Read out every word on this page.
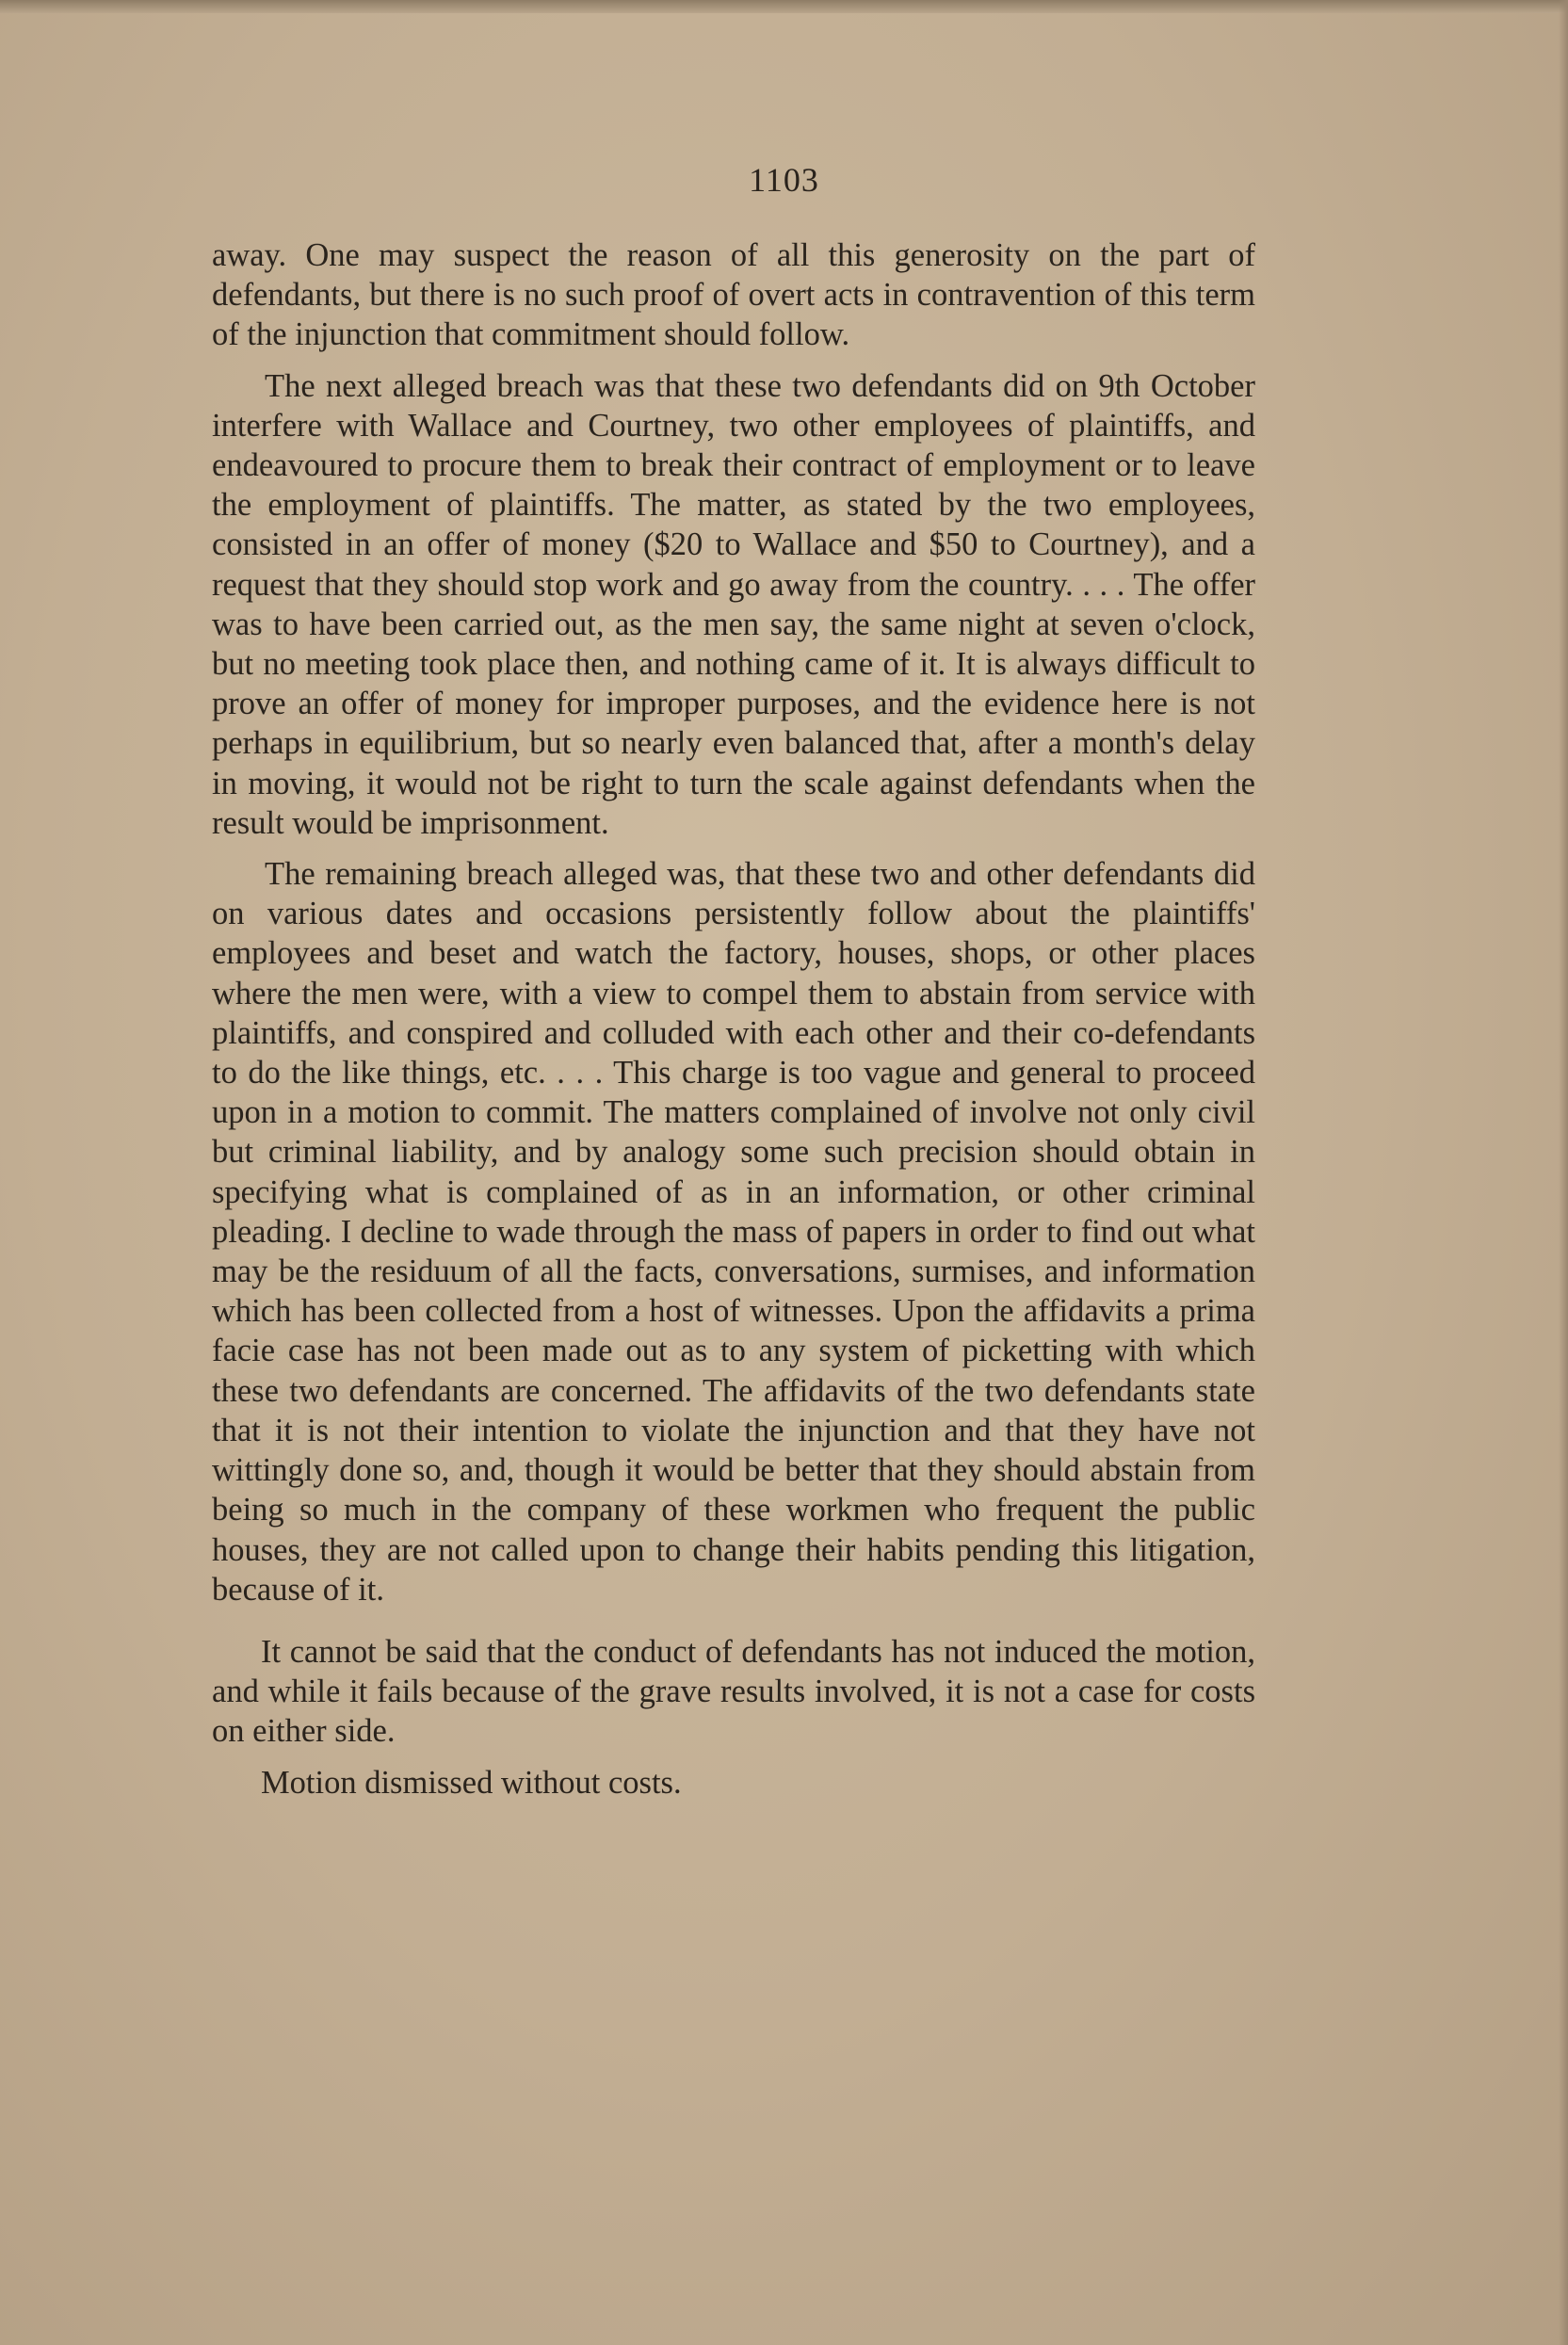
1103

away. One may suspect the reason of all this generosity on the part of defendants, but there is no such proof of overt acts in contravention of this term of the injunction that commitment should follow.

The next alleged breach was that these two defendants did on 9th October interfere with Wallace and Courtney, two other employees of plaintiffs, and endeavoured to procure them to break their contract of employment or to leave the employment of plaintiffs. The matter, as stated by the two employees, consisted in an offer of money ($20 to Wallace and $50 to Courtney), and a request that they should stop work and go away from the country. . . . The offer was to have been carried out, as the men say, the same night at seven o'clock, but no meeting took place then, and nothing came of it. It is always difficult to prove an offer of money for improper purposes, and the evidence here is not perhaps in equilibrium, but so nearly even balanced that, after a month's delay in moving, it would not be right to turn the scale against defendants when the result would be imprisonment.

The remaining breach alleged was, that these two and other defendants did on various dates and occasions persistently follow about the plaintiffs' employees and beset and watch the factory, houses, shops, or other places where the men were, with a view to compel them to abstain from service with plaintiffs, and conspired and colluded with each other and their co-defendants to do the like things, etc. . . . This charge is too vague and general to proceed upon in a motion to commit. The matters complained of involve not only civil but criminal liability, and by analogy some such precision should obtain in specifying what is complained of as in an information, or other criminal pleading. I decline to wade through the mass of papers in order to find out what may be the residuum of all the facts, conversations, surmises, and information which has been collected from a host of witnesses. Upon the affidavits a prima facie case has not been made out as to any system of picketting with which these two defendants are concerned. The affidavits of the two defendants state that it is not their intention to violate the injunction and that they have not wittingly done so, and, though it would be better that they should abstain from being so much in the company of these workmen who frequent the public houses, they are not called upon to change their habits pending this litigation, because of it.

It cannot be said that the conduct of defendants has not induced the motion, and while it fails because of the grave results involved, it is not a case for costs on either side.

Motion dismissed without costs.
